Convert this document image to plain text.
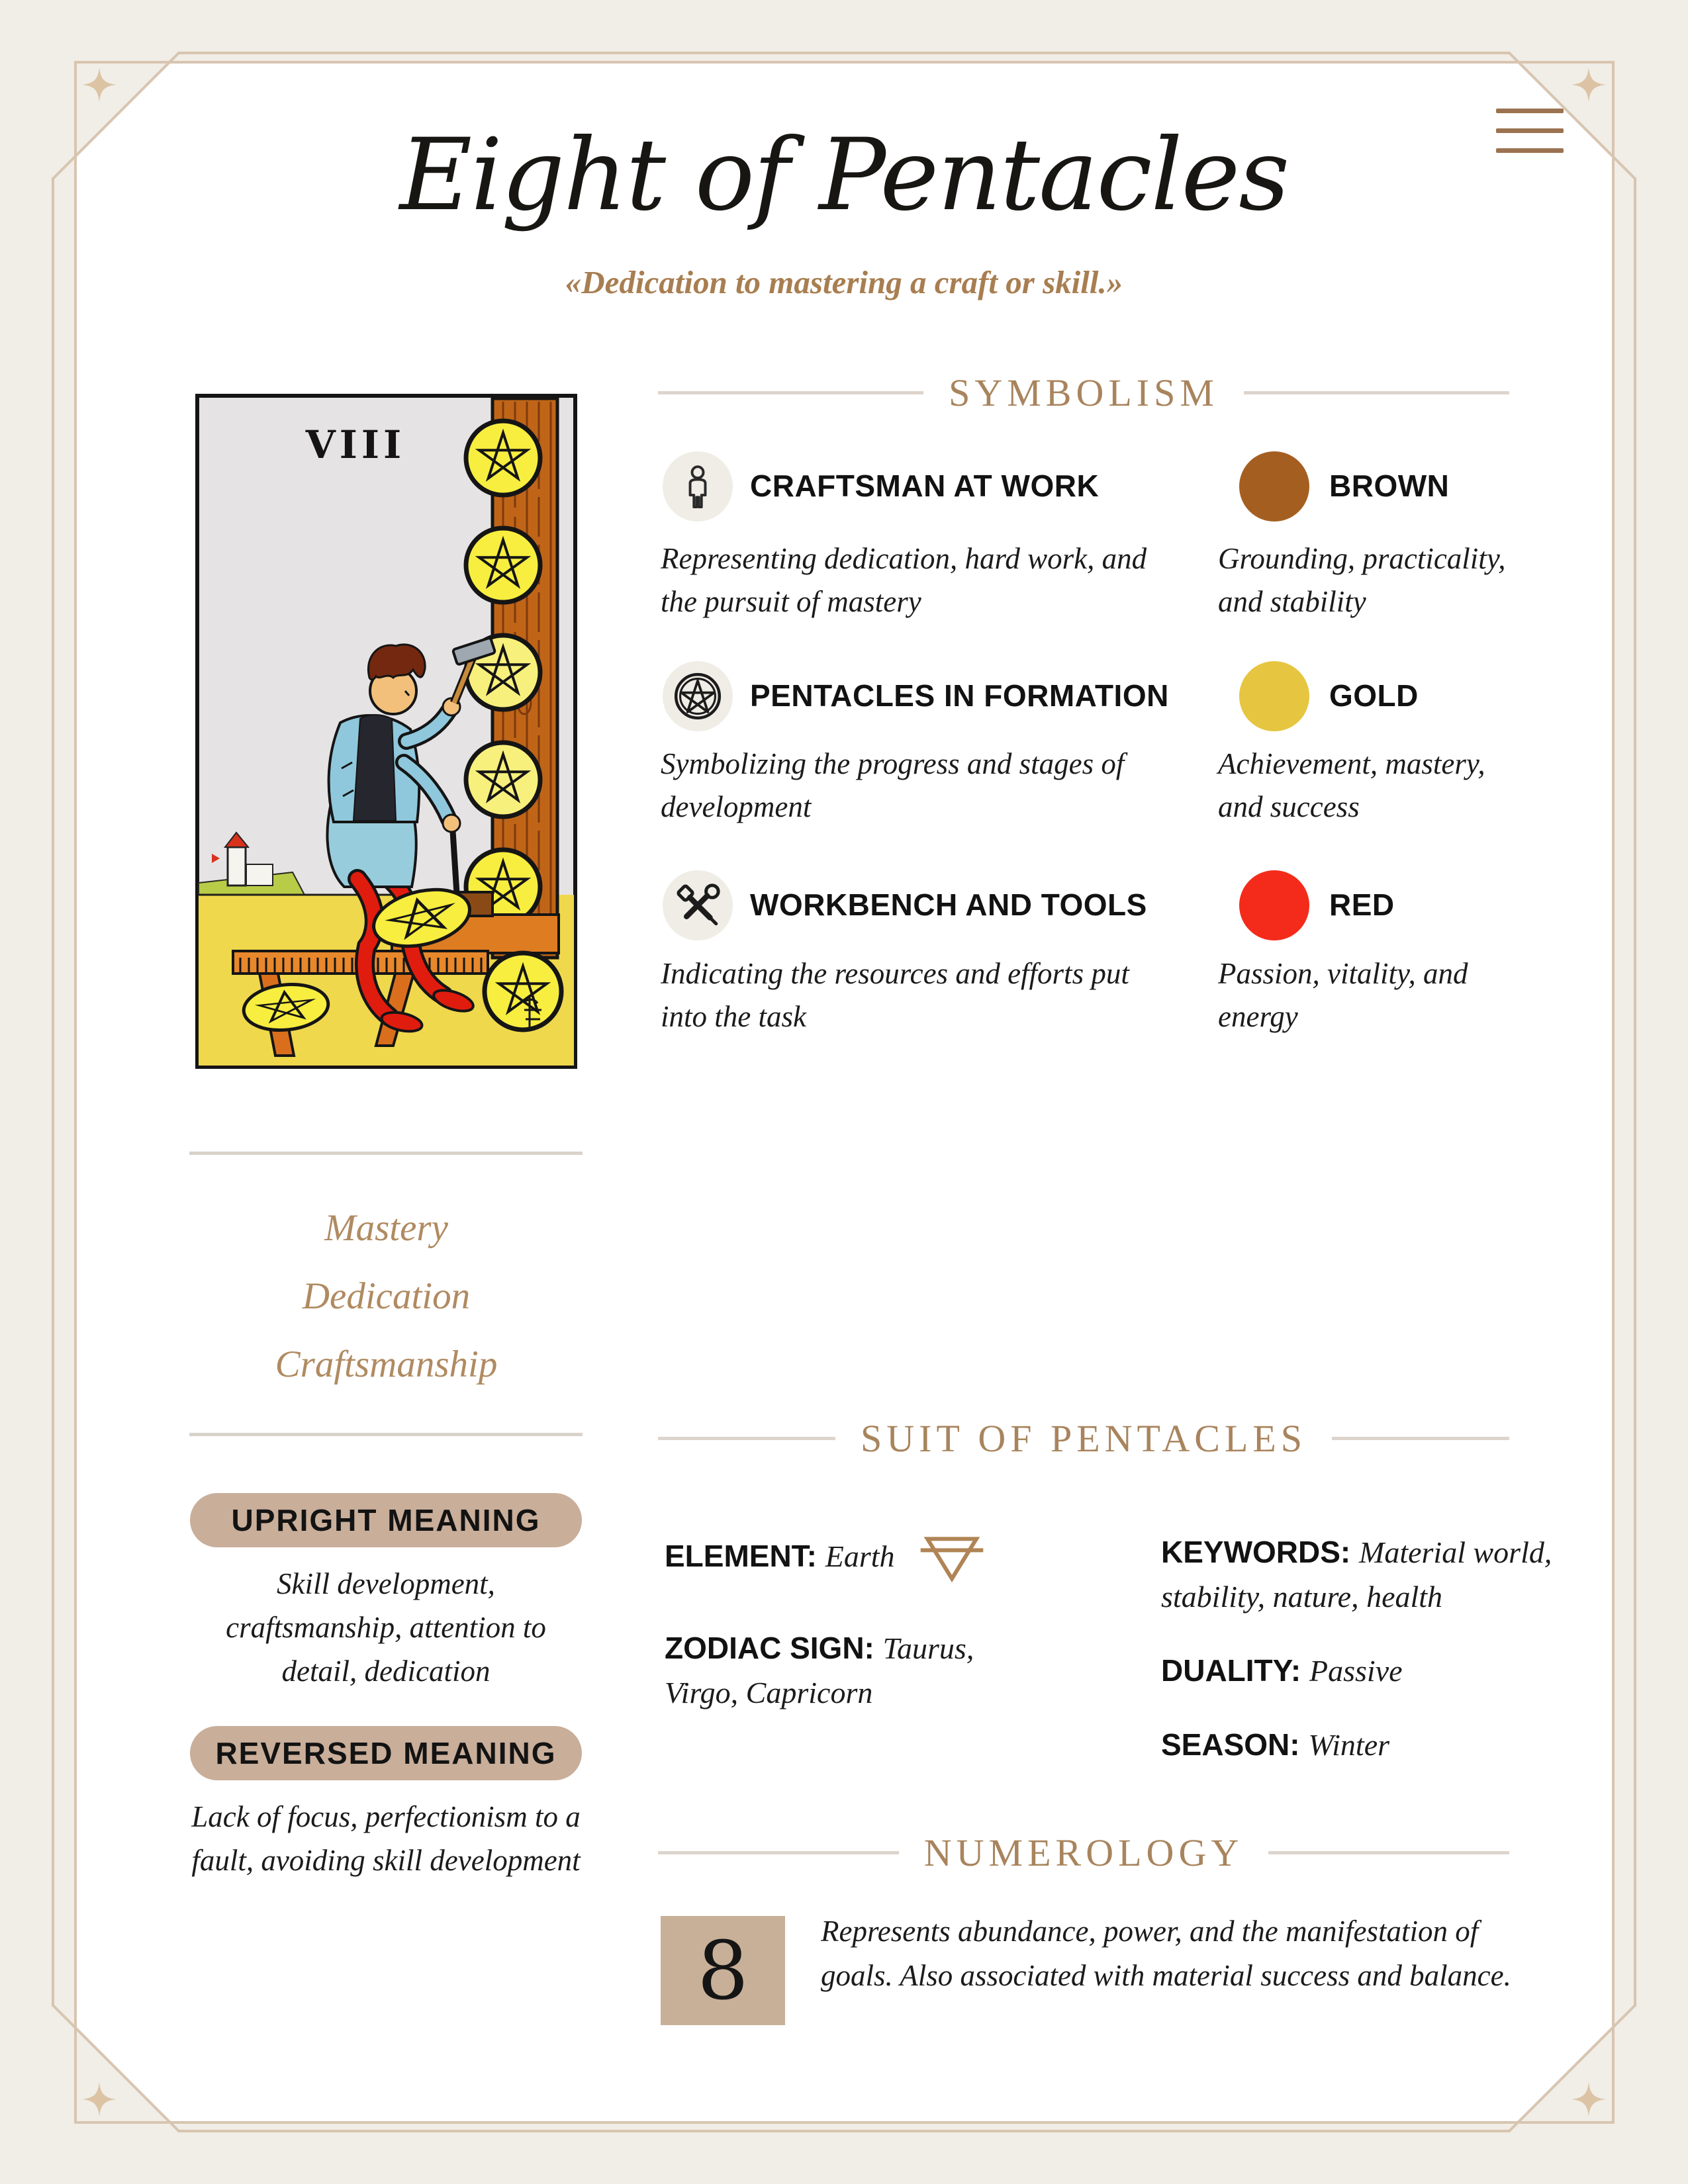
Eight of Pentacles
«Dedication to mastering a craft or skill.»
VIII
Mastery
Dedication
Craftsmanship
UPRIGHT MEANING
Skill development, craftsmanship, attention to detail, dedication
REVERSED MEANING
Lack of focus, perfectionism to a fault, avoiding skill development
SYMBOLISM
CRAFTSMAN AT WORK
Representing dedication, hard work, and the pursuit of mastery
PENTACLES IN FORMATION
Symbolizing the progress and stages of development
WORKBENCH AND TOOLS
Indicating the resources and efforts put into the task
BROWN
Grounding, practicality, and stability
GOLD
Achievement, mastery, and success
RED
Passion, vitality, and energy
SUIT OF PENTACLES
ELEMENT: Earth
ZODIAC SIGN: Taurus, Virgo, Capricorn
KEYWORDS: Material world, stability, nature, health
DUALITY: Passive
SEASON: Winter
NUMEROLOGY
8 Represents abundance, power, and the manifestation of goals. Also associated with material success and balance.
